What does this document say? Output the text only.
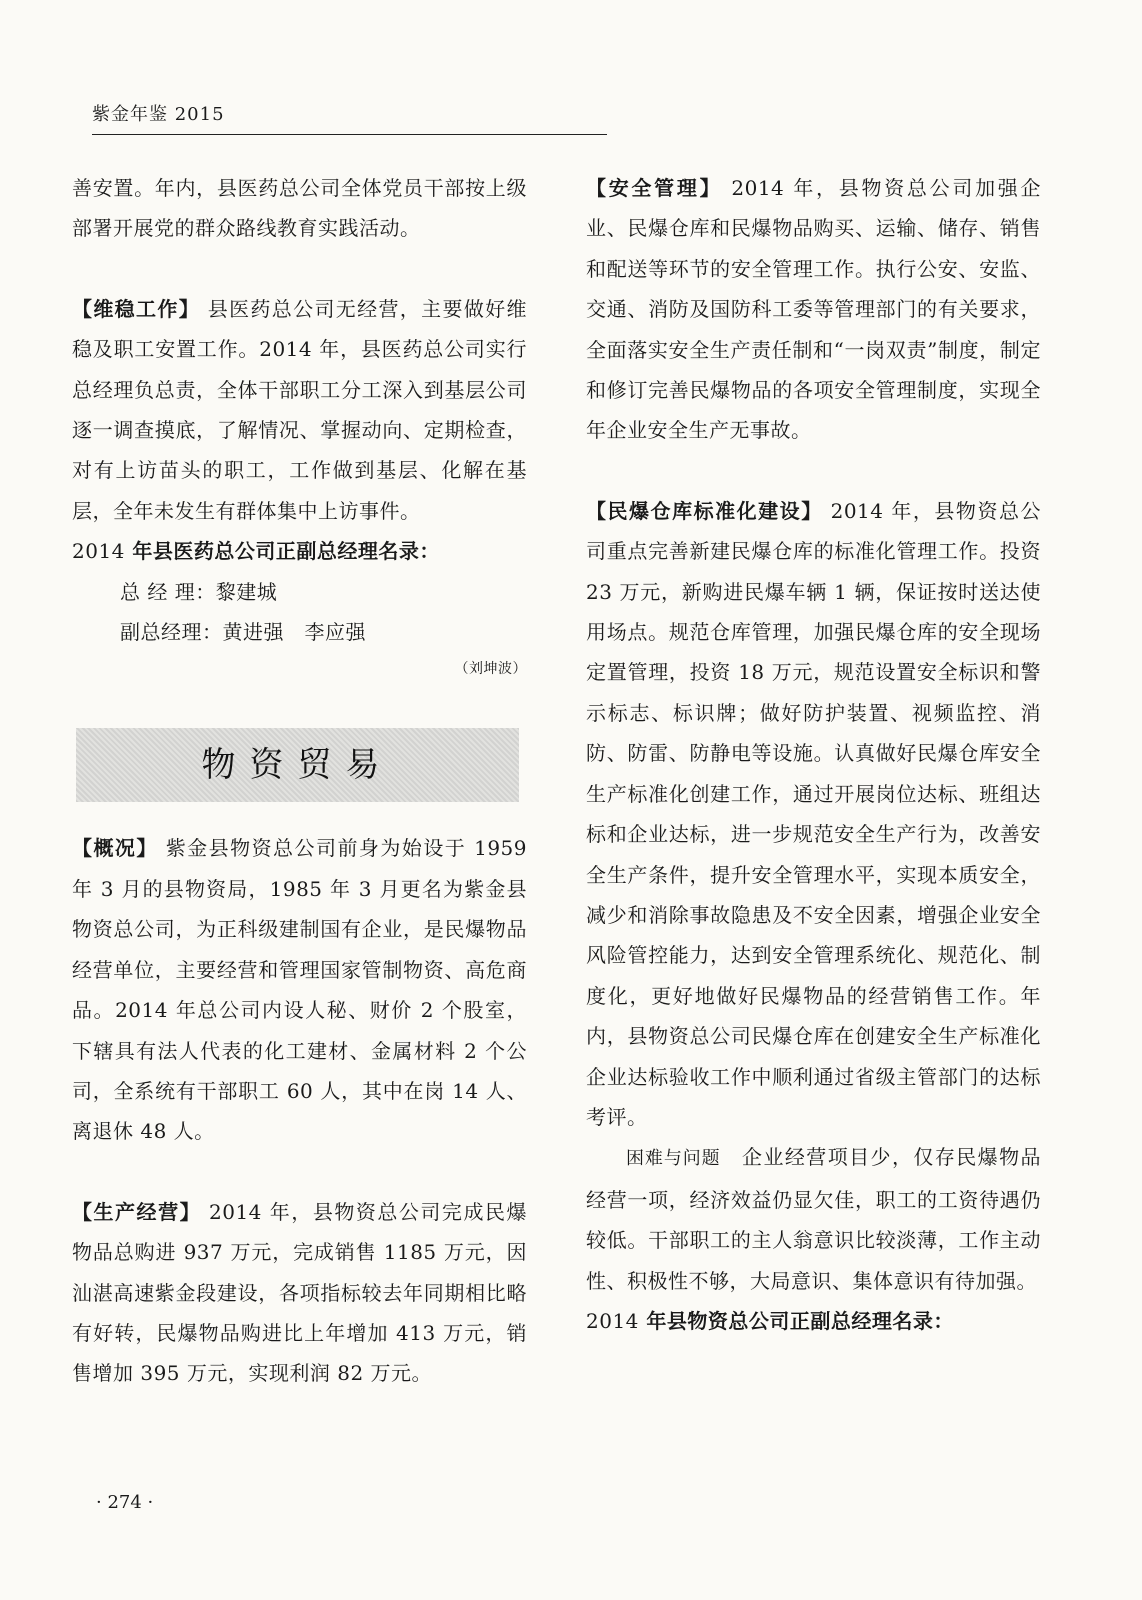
紫金年鉴 2015

善安置。年内，县医药总公司全体党员干部按上级部署开展党的群众路线教育实践活动。

【维稳工作】 县医药总公司无经营，主要做好维稳及职工安置工作。2014 年，县医药总公司实行总经理负总责，全体干部职工分工深入到基层公司逐一调查摸底，了解情况、掌握动向、定期检查，对有上访苗头的职工，工作做到基层、化解在基层，全年未发生有群体集中上访事件。

2014 年县医药总公司正副总经理名录：

总 经 理：黎建城

副总经理：黄进强　李应强

（刘坤波）

物资贸易

【概况】 紫金县物资总公司前身为始设于 1959 年 3 月的县物资局，1985 年 3 月更名为紫金县物资总公司，为正科级建制国有企业，是民爆物品经营单位，主要经营和管理国家管制物资、高危商品。2014 年总公司内设人秘、财价 2 个股室，下辖具有法人代表的化工建材、金属材料 2 个公司，全系统有干部职工 60 人，其中在岗 14 人、离退休 48 人。

【生产经营】 2014 年，县物资总公司完成民爆物品总购进 937 万元，完成销售 1185 万元，因汕湛高速紫金段建设，各项指标较去年同期相比略有好转，民爆物品购进比上年增加 413 万元，销售增加 395 万元，实现利润 82 万元。

【安全管理】 2014 年，县物资总公司加强企业、民爆仓库和民爆物品购买、运输、储存、销售和配送等环节的安全管理工作。执行公安、安监、交通、消防及国防科工委等管理部门的有关要求，全面落实安全生产责任制和“一岗双责”制度，制定和修订完善民爆物品的各项安全管理制度，实现全年企业安全生产无事故。

【民爆仓库标准化建设】 2014 年，县物资总公司重点完善新建民爆仓库的标准化管理工作。投资 23 万元，新购进民爆车辆 1 辆，保证按时送达使用场点。规范仓库管理，加强民爆仓库的安全现场定置管理，投资 18 万元，规范设置安全标识和警示标志、标识牌；做好防护装置、视频监控、消防、防雷、防静电等设施。认真做好民爆仓库安全生产标准化创建工作，通过开展岗位达标、班组达标和企业达标，进一步规范安全生产行为，改善安全生产条件，提升安全管理水平，实现本质安全，减少和消除事故隐患及不安全因素，增强企业安全风险管控能力，达到安全管理系统化、规范化、制度化，更好地做好民爆物品的经营销售工作。年内，县物资总公司民爆仓库在创建安全生产标准化企业达标验收工作中顺利通过省级主管部门的达标考评。

困难与问题　企业经营项目少，仅存民爆物品经营一项，经济效益仍显欠佳，职工的工资待遇仍较低。干部职工的主人翁意识比较淡薄，工作主动性、积极性不够，大局意识、集体意识有待加强。

2014 年县物资总公司正副总经理名录：

· 274 ·
